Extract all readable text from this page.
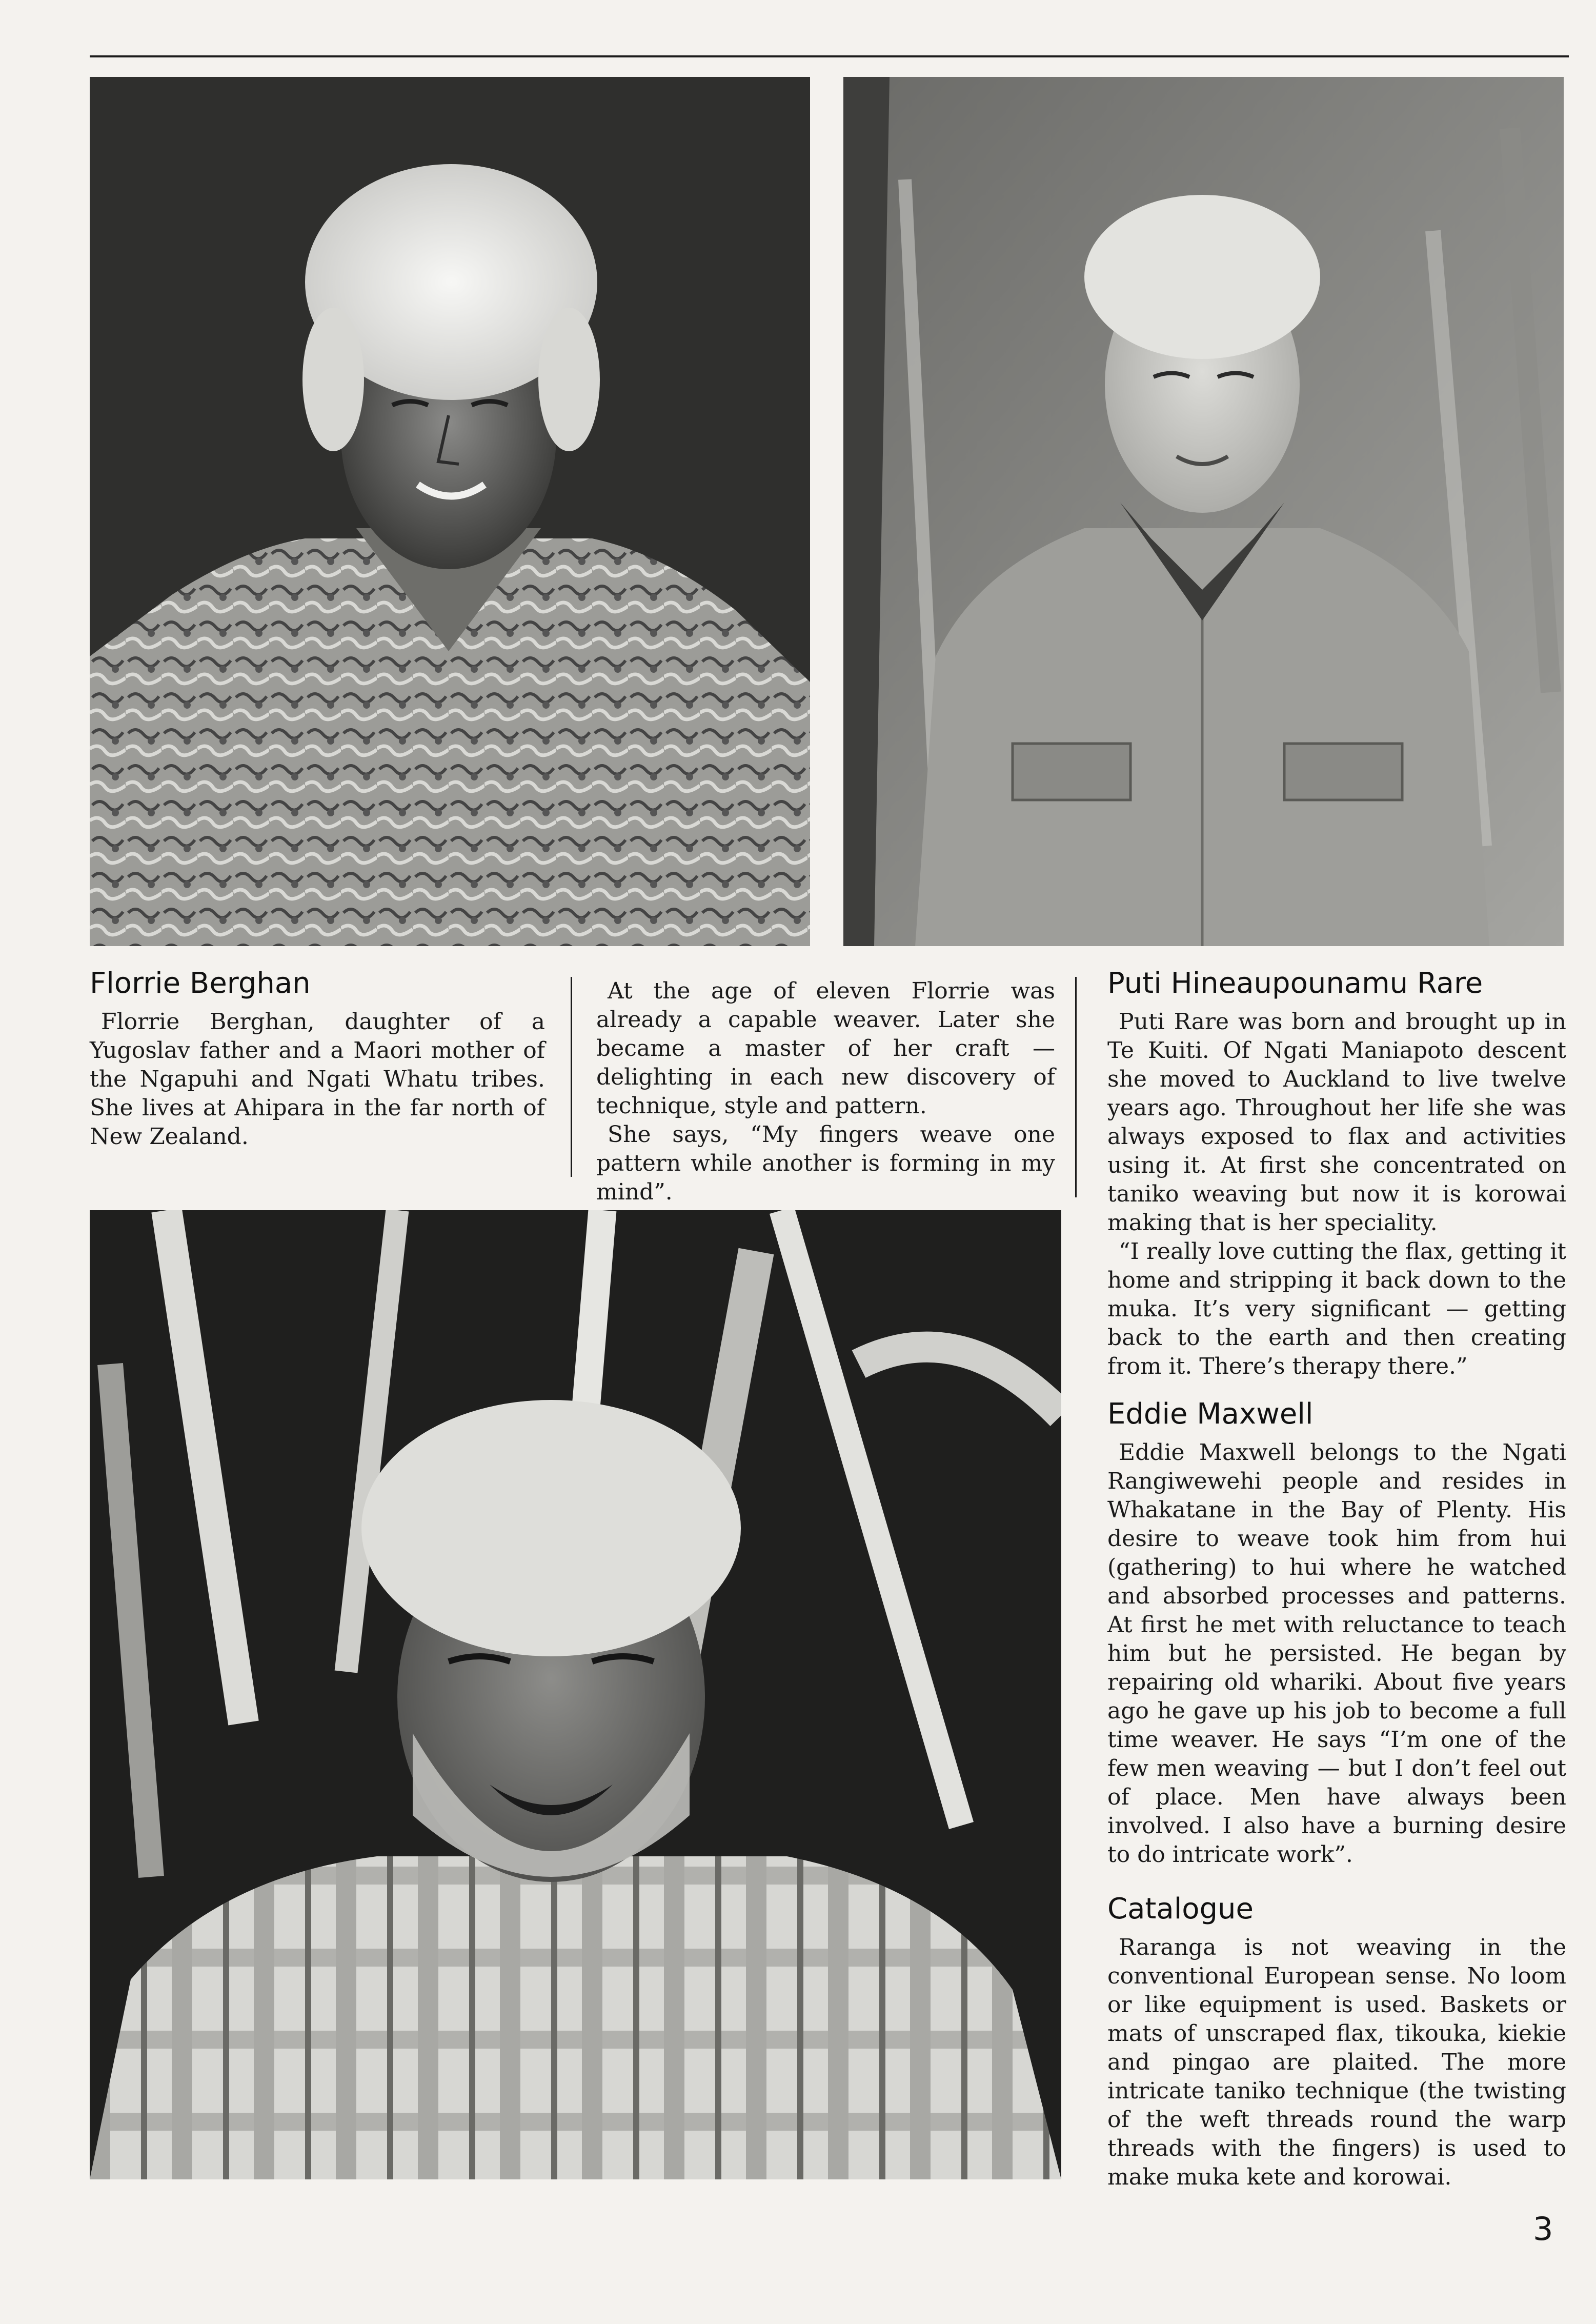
Florrie Berghan

Florrie Berghan, daughter of a Yugoslav father and a Maori mother of the Ngapuhi and Ngati Whatu tribes. She lives at Ahipara in the far north of New Zealand.

At the age of eleven Florrie was already a capable weaver. Later she became a master of her craft — delighting in each new discovery of technique, style and pattern.

She says, “My fingers weave one pattern while another is forming in my mind”.

Puti Hineaupounamu Rare

Puti Rare was born and brought up in Te Kuiti. Of Ngati Maniapoto descent she moved to Auckland to live twelve years ago. Throughout her life she was always exposed to flax and activities using it. At first she concentrated on taniko weaving but now it is korowai making that is her speciality.

“I really love cutting the flax, getting it home and stripping it back down to the muka. It’s very significant — getting back to the earth and then creating from it. There’s therapy there.”

Eddie Maxwell

Eddie Maxwell belongs to the Ngati Rangiwewehi people and resides in Whakatane in the Bay of Plenty. His desire to weave took him from hui (gathering) to hui where he watched and absorbed processes and patterns. At first he met with reluctance to teach him but he persisted. He began by repairing old whariki. About five years ago he gave up his job to become a full time weaver. He says “I’m one of the few men weaving — but I don’t feel out of place. Men have always been involved. I also have a burning desire to do intricate work”.

Catalogue

Raranga is not weaving in the conventional European sense. No loom or like equipment is used. Baskets or mats of unscraped flax, tikouka, kiekie and pingao are plaited. The more intricate taniko technique (the twisting of the weft threads round the warp threads with the fingers) is used to make muka kete and korowai.

3
